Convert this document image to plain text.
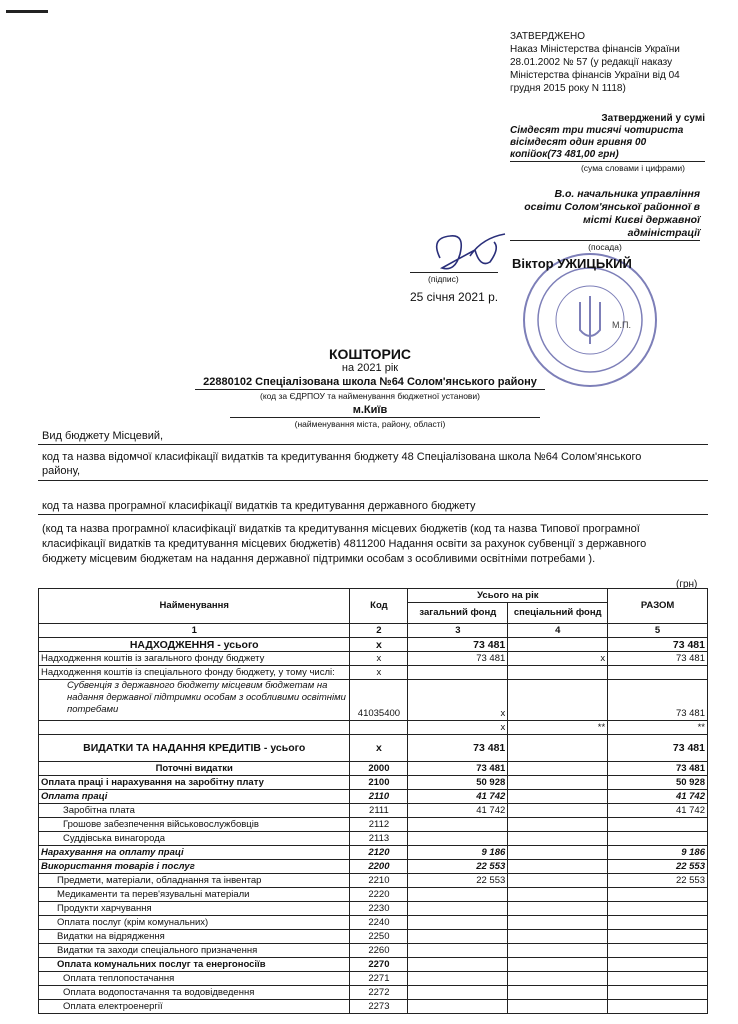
ЗАТВЕРДЖЕНО
Наказ Міністерства фінансів України
28.01.2002 № 57 (у редакції наказу
Міністерства фінансів України від 04
грудня 2015 року N 1118)
Затверджений у сумі
Сімдесят три тисячі чотириста
вісімдесят один гривня 00
копійок(73 481,00 грн)
(сума словами і цифрами)
В.о. начальника управління
освіти Солом'янської районної в
місті Києві державної
адміністрації
(посада)
М.П.
Віктор УЖИЦЬКИЙ
(підпис)
25 січня 2021 р.
КОШТОРИС
на 2021 рік
22880102 Спеціалізована школа №64 Солом'янського району
(код за ЄДРПОУ та найменування бюджетної установи)
м.Київ
(найменування міста, району, області)
Вид бюджету Місцевий,
код та назва відомчої класифікації видатків та кредитування бюджету 48 Спеціалізована школа №64 Солом'янського
району,
код та назва програмної класифікації видатків та кредитування державного бюджету
(код та назва програмної класифікації видатків та кредитування місцевих бюджетів (код та назва Типової програмної
класифікації видатків та кредитування місцевих бюджетів) 4811200 Надання освіти за рахунок субвенції з державного
бюджету місцевим бюджетам на надання державної підтримки особам з особливими освітніми потребами ).
(грн)
Найменування	Код	Усього на рік		РАЗОМ
		загальний фонд	спеціальний фонд	
1	2	3	4	5
НАДХОДЖЕННЯ - усього	х	73 481		73 481
Надходження коштів із загального фонду бюджету	х	73 481	х	73 481
Надходження коштів із спеціального фонду бюджету, у тому числі:	х			
Субвенція з державного бюджету місцевим бюджетам на надання державної підтримки особам з особливими освітніми потребами	41035400	х		73 481
		х	**	**
ВИДАТКИ ТА НАДАННЯ КРЕДИТІВ - усього	х	73 481		73 481
Поточні видатки	2000	73 481		73 481
Оплата праці і нарахування на заробітну плату	2100	50 928		50 928
Оплата праці	2110	41 742		41 742
Заробітна плата	2111	41 742		41 742
Грошове забезпечення військовослужбовців	2112			
Суддівська винагорода	2113			
Нарахування на оплату праці	2120	9 186		9 186
Використання товарів і послуг	2200	22 553		22 553
Предмети, матеріали, обладнання та інвентар	2210	22 553		22 553
Медикаменти та перев'язувальні матеріали	2220			
Продукти харчування	2230			
Оплата послуг (крім комунальних)	2240			
Видатки на відрядження	2250			
Видатки та заходи спеціального призначення	2260			
Оплата комунальних послуг та енергоносіїв	2270			
Оплата теплопостачання	2271			
Оплата водопостачання та водовідведення	2272			
Оплата електроенергії	2273			
